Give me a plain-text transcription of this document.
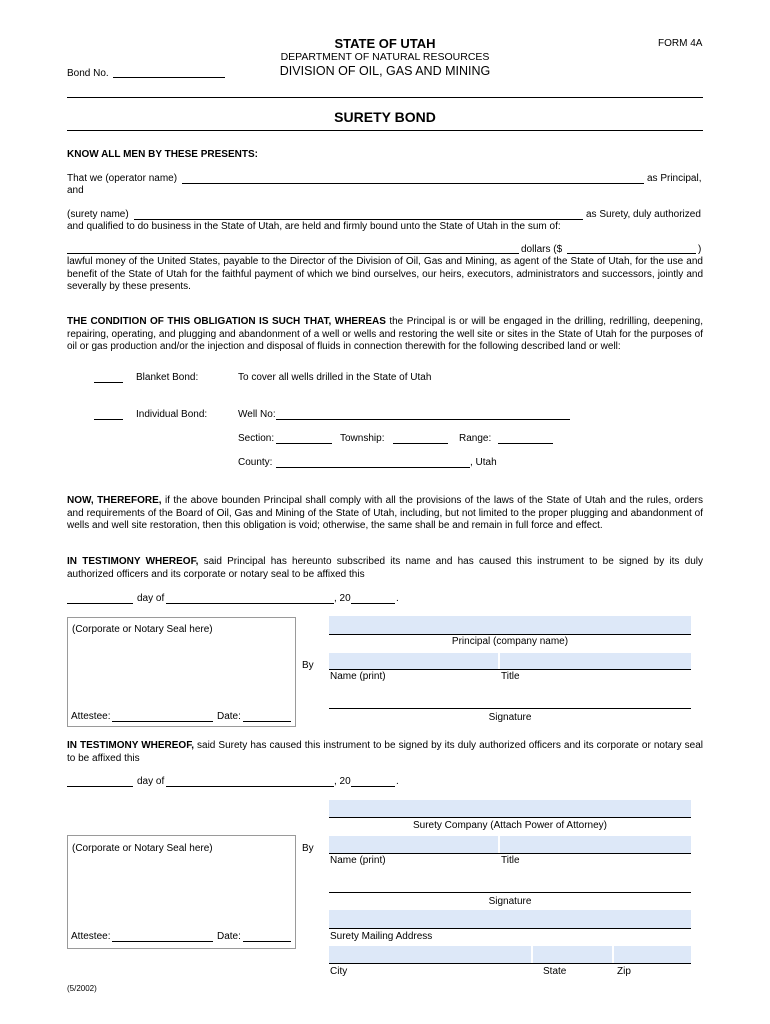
STATE OF UTAH	FORM 4A
DEPARTMENT OF NATURAL RESOURCES
DIVISION OF OIL, GAS AND MINING
Bond No.
SURETY BOND
KNOW ALL MEN BY THESE PRESENTS:
That we (operator name)	as Principal,
and
(surety name)	as Surety, duly authorized
and qualified to do business in the State of Utah, are held and firmly bound unto the State of Utah in the sum of:
dollars ($	)

lawful money of the United States, payable to the Director of the Division of Oil, Gas and Mining, as agent of the State of Utah, for the use and benefit of the State of Utah for the faithful payment of which we bind ourselves, our heirs, executors, administrators and successors, jointly and severally by these presents.

THE CONDITION OF THIS OBLIGATION IS SUCH THAT, WHEREAS the Principal is or will be engaged in the drilling, redrilling, deepening, repairing, operating, and plugging and abandonment of a well or wells and restoring the well site or sites in the State of Utah for the purposes of oil or gas production and/or the injection and disposal of fluids in connection therewith for the following described land or well:

Blanket Bond:	To cover all wells drilled in the State of Utah
Individual Bond:	Well No:
Section:	Township:	Range:
County:	, Utah

NOW, THEREFORE, if the above bounden Principal shall comply with all the provisions of the laws of the State of Utah and the rules, orders and requirements of the Board of Oil, Gas and Mining of the State of Utah, including, but not limited to the proper plugging and abandonment of wells and well site restoration, then this obligation is void; otherwise, the same shall be and remain in full force and effect.

IN TESTIMONY WHEREOF, said Principal has hereunto subscribed its name and has caused this instrument to be signed by its duly authorized officers and its corporate or notary seal to be affixed this

day of	, 20	.
(Corporate or Notary Seal here)
Attestee:	Date:
Principal (company name)
By
Name (print)	Title
Signature

IN TESTIMONY WHEREOF, said Surety has caused this instrument to be signed by its duly authorized officers and its corporate or notary seal to be affixed this

day of	, 20	.
Surety Company (Attach Power of Attorney)
(Corporate or Notary Seal here)
Attestee:	Date:
By
Name (print)	Title
Signature
Surety Mailing Address
City	State	Zip
(5/2002)
